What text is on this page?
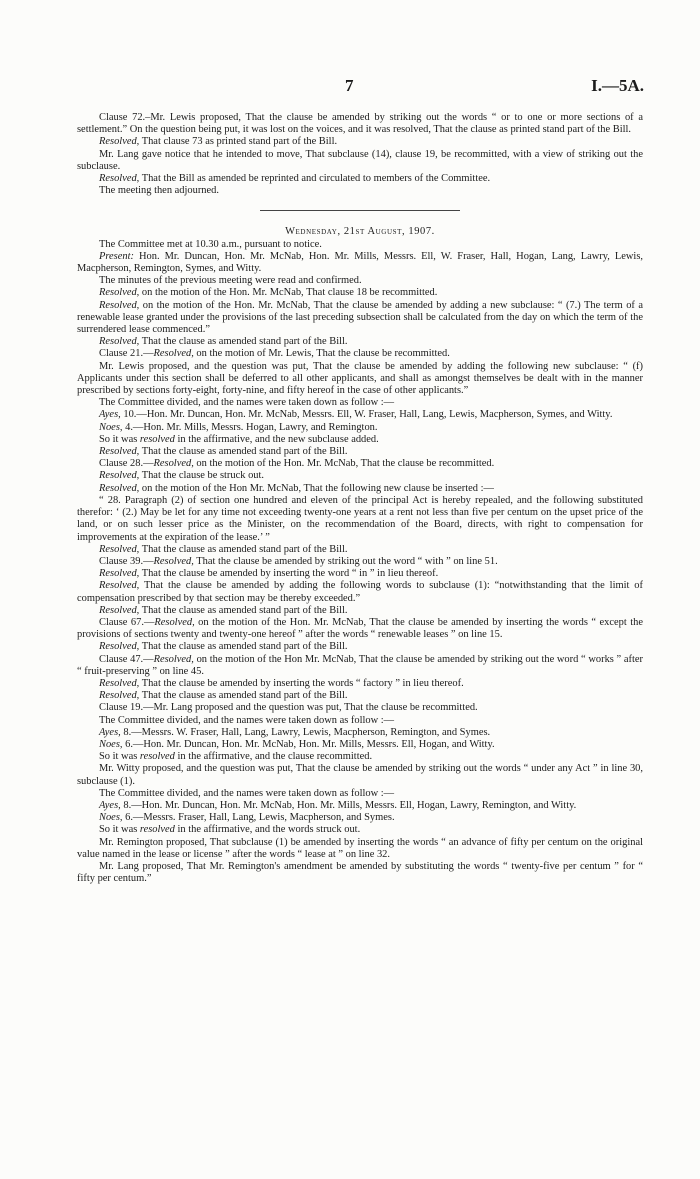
7	I.—5A.

Clause 72.–Mr. Lewis proposed, That the clause be amended by striking out the words “ or to one or more sections of a settlement.” On the question being put, it was lost on the voices, and it was resolved, That the clause as printed stand part of the Bill.

Resolved, That clause 73 as printed stand part of the Bill.

Mr. Lang gave notice that he intended to move, That subclause (14), clause 19, be recommitted, with a view of striking out the subclause.

Resolved, That the Bill as amended be reprinted and circulated to members of the Committee.

The meeting then adjourned.

Wednesday, 21st August, 1907.

The Committee met at 10.30 a.m., pursuant to notice.

Present: Hon. Mr. Duncan, Hon. Mr. McNab, Hon. Mr. Mills, Messrs. Ell, W. Fraser, Hall, Hogan, Lang, Lawry, Lewis, Macpherson, Remington, Symes, and Witty.

The minutes of the previous meeting were read and confirmed.

Resolved, on the motion of the Hon. Mr. McNab, That clause 18 be recommitted.

Resolved, on the motion of the Hon. Mr. McNab, That the clause be amended by adding a new subclause: “ (7.) The term of a renewable lease granted under the provisions of the last preceding subsection shall be calculated from the day on which the term of the surrendered lease commenced.”

Resolved, That the clause as amended stand part of the Bill.

Clause 21.—Resolved, on the motion of Mr. Lewis, That the clause be recommitted.

Mr. Lewis proposed, and the question was put, That the clause be amended by adding the following new subclause: “ (f) Applicants under this section shall be deferred to all other applicants, and shall as amongst themselves be dealt with in the manner prescribed by sections forty-eight, forty-nine, and fifty hereof in the case of other applicants.”

The Committee divided, and the names were taken down as follow :—

Ayes, 10.—Hon. Mr. Duncan, Hon. Mr. McNab, Messrs. Ell, W. Fraser, Hall, Lang, Lewis, Macpherson, Symes, and Witty.

Noes, 4.—Hon. Mr. Mills, Messrs. Hogan, Lawry, and Remington.

So it was resolved in the affirmative, and the new subclause added.

Resolved, That the clause as amended stand part of the Bill.

Clause 28.—Resolved, on the motion of the Hon. Mr. McNab, That the clause be recommitted.

Resolved, That the clause be struck out.

Resolved, on the motion of the Hon Mr. McNab, That the following new clause be inserted :—

“ 28. Paragraph (2) of section one hundred and eleven of the principal Act is hereby repealed, and the following substituted therefor: ‘ (2.) May be let for any time not exceeding twenty-one years at a rent not less than five per centum on the upset price of the land, or on such lesser price as the Minister, on the recommendation of the Board, directs, with right to compensation for improvements at the expiration of the lease.’ ”

Resolved, That the clause as amended stand part of the Bill.

Clause 39.—Resolved, That the clause be amended by striking out the word “ with ” on line 51.

Resolved, That the clause be amended by inserting the word “ in ” in lieu thereof.

Resolved, That the clause be amended by adding the following words to subclause (1): “notwithstanding that the limit of compensation prescribed by that section may be thereby exceeded.”

Resolved, That the clause as amended stand part of the Bill.

Clause 67.—Resolved, on the motion of the Hon. Mr. McNab, That the clause be amended by inserting the words “ except the provisions of sections twenty and twenty-one hereof ” after the words “ renewable leases ” on line 15.

Resolved, That the clause as amended stand part of the Bill.

Clause 47.—Resolved, on the motion of the Hon Mr. McNab, That the clause be amended by striking out the word “ works ” after “ fruit-preserving ” on line 45.

Resolved, That the clause be amended by inserting the words “ factory ” in lieu thereof.

Resolved, That the clause as amended stand part of the Bill.

Clause 19.—Mr. Lang proposed and the question was put, That the clause be recommitted.

The Committee divided, and the names were taken down as follow :—

Ayes, 8.—Messrs. W. Fraser, Hall, Lang, Lawry, Lewis, Macpherson, Remington, and Symes.

Noes, 6.—Hon. Mr. Duncan, Hon. Mr. McNab, Hon. Mr. Mills, Messrs. Ell, Hogan, and Witty.

So it was resolved in the affirmative, and the clause recommitted.

Mr. Witty proposed, and the question was put, That the clause be amended by striking out the words “ under any Act ” in line 30, subclause (1).

The Committee divided, and the names were taken down as follow :—

Ayes, 8.—Hon. Mr. Duncan, Hon. Mr. McNab, Hon. Mr. Mills, Messrs. Ell, Hogan, Lawry, Remington, and Witty.

Noes, 6.—Messrs. Fraser, Hall, Lang, Lewis, Macpherson, and Symes.

So it was resolved in the affirmative, and the words struck out.

Mr. Remington proposed, That subclause (1) be amended by inserting the words “ an advance of fifty per centum on the original value named in the lease or license ” after the words “ lease at ” on line 32.

Mr. Lang proposed, That Mr. Remington's amendment be amended by substituting the words “ twenty-five per centum ” for “ fifty per centum.”
